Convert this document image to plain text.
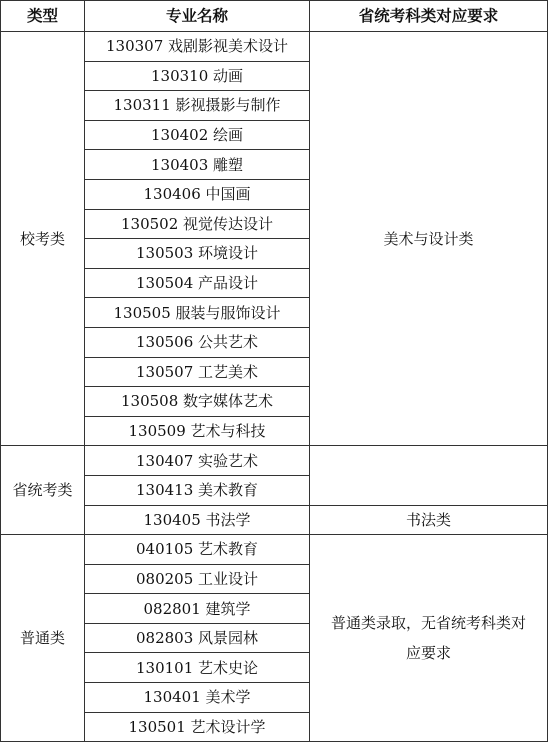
类型	专业名称	省统考科类对应要求
校考类	130307 戏剧影视美术设计	美术与设计类
	130310 动画	
	130311 影视摄影与制作	
	130402 绘画	
	130403 雕塑	
	130406 中国画	
	130502 视觉传达设计	
	130503 环境设计	
	130504 产品设计	
	130505 服装与服饰设计	
	130506 公共艺术	
	130507 工艺美术	
	130508 数字媒体艺术	
	130509 艺术与科技	
省统考类	130407 实验艺术	
	130413 美术教育	
	130405 书法学	书法类
普通类	040105 艺术教育	普通类录取，无省统考科类对应要求
	080205 工业设计	
	082801 建筑学	
	082803 风景园林	
	130101 艺术史论	
	130401 美术学	
	130501 艺术设计学	
